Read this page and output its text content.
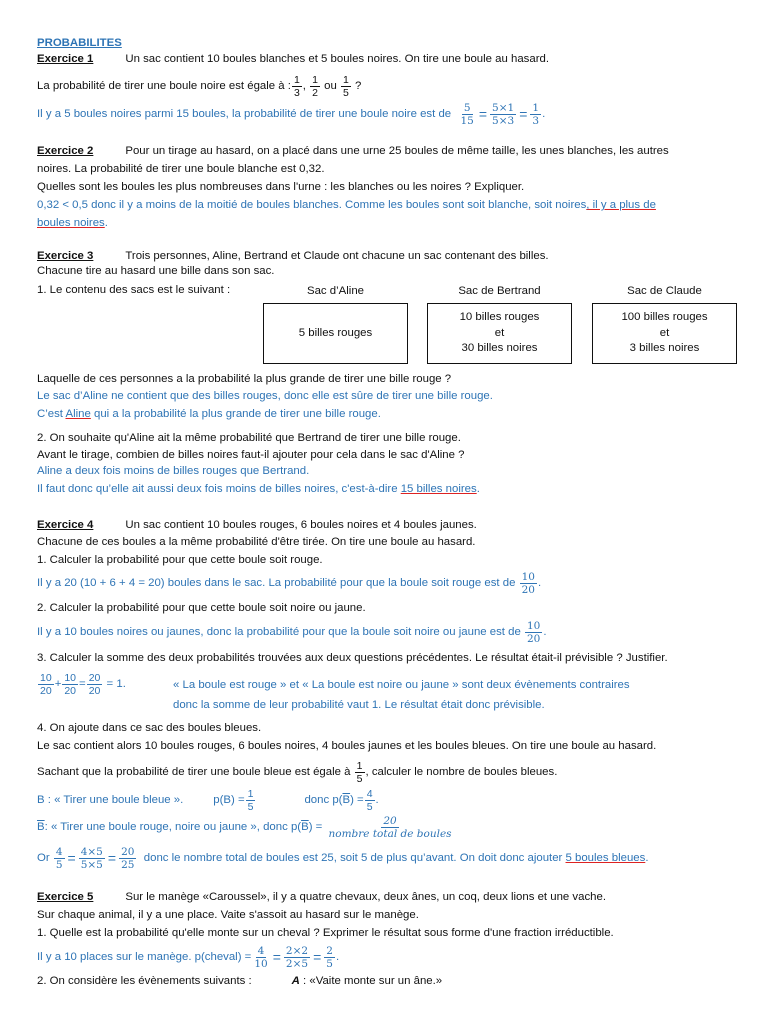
PROBABILITES
Exercice 1	Un sac contient 10 boules blanches et 5 boules noires. On tire une boule au hasard.
La probabilité de tirer une boule noire est égale à : $\frac{1}{3}$ ,
$\frac{1}{2}$
ou
$\frac{1}{5}$
?
Il y a 5 boules noires parmi 15 boules, la probabilité de tirer une boule noire est de
$\frac{5}{15} = \frac{5\times 1}{5\times 3} = \frac{1}{3}$ .
Exercice 2	Pour un tirage au hasard, on a placé dans une urne 25 boules de même taille, les unes blanches, les autres
noires. La probabilité de tirer une boule blanche est 0,32.
Quelles sont les boules les plus nombreuses dans l'urne : les blanches ou les noires ? Expliquer.
0,32 < 0,5 donc il y a moins de la moitié de boules blanches. Comme les boules sont soit blanche, soit noires, il y a plus de
boules noires.
Exercice 3	Trois personnes, Aline, Bertrand et Claude ont chacune un sac contenant des billes.
Chacune tire au hasard une bille dans son sac.
1. Le contenu des sacs est le suivant :	Sac d’Aline	Sac de Bertrand	Sac de Claude
5 billes rouges
10 billes rouges
et
30 billes noires
100 billes rouges
et
3 billes noires
Laquelle de ces personnes a la probabilité la plus grande de tirer une bille rouge ?
Le sac d’Aline ne contient que des billes rouges, donc elle est sûre de tirer une bille rouge.
C’est Aline qui a la probabilité la plus grande de tirer une bille rouge.
2. On souhaite qu'Aline ait la même probabilité que Bertrand de tirer une bille rouge.
Avant le tirage, combien de billes noires faut-il ajouter pour cela dans le sac d'Aline ?
Aline a deux fois moins de billes rouges que Bertrand.
Il faut donc qu’elle ait aussi deux fois moins de billes noires, c'est-à-dire 15 billes noires.
Exercice 4	Un sac contient 10 boules rouges, 6 boules noires et 4 boules jaunes.
Chacune de ces boules a la même probabilité d'être tirée. On tire une boule au hasard.
1. Calculer la probabilité pour que cette boule soit rouge.
Il y a 20 (10 + 6 + 4 = 20) boules dans le sac. La probabilité pour que la boule soit rouge est de
$\frac{10}{20}$ .
2. Calculer la probabilité pour que cette boule soit noire ou jaune.
Il y a 10 boules noires ou jaunes, donc la probabilité pour que la boule soit noire ou jaune est de
$\frac{10}{20}$ .
3. Calculer la somme des deux probabilités trouvées aux deux questions précédentes. Le résultat était-il prévisible ? Justifier.
$\frac{10}{20} + \frac{10}{20} = \frac{20}{20}$
= 1.	« La boule est rouge » et « La boule est noire ou jaune » sont deux évènements contraires
donc la somme de leur probabilité vaut 1. Le résultat était donc prévisible.
4. On ajoute dans ce sac des boules bleues.
Le sac contient alors 10 boules rouges, 6 boules noires, 4 boules jaunes et les boules bleues. On tire une boule au hasard.
Sachant que la probabilité de tirer une boule bleue est égale à
$\frac{1}{5}$ , calculer le nombre de boules bleues.
B : « Tirer une boule bleue ».	$p(B) = \frac{1}{5}$	donc p( $\overline{B}$ ) = $\frac{4}{5}$ .
$\overline{B}$ : « Tirer une boule rouge, noire ou jaune », donc p( $\overline{B}$ ) =
$\frac{20}{\text{nombre total de boules}}$
Or
$\frac{4}{5} = \frac{4\times 5}{5\times 5} = \frac{20}{25}$
donc le nombre total de boules est 25, soit 5 de plus qu’avant. On doit donc ajouter
5 boules bleues .
Exercice 5	Sur le manège «Caroussel», il y a quatre chevaux, deux ânes, un coq, deux lions et une vache.
Sur chaque animal, il y a une place. Vaite s'assoit au hasard sur le manège.
1. Quelle est la probabilité qu'elle monte sur un cheval ? Exprimer le résultat sous forme d'une fraction irréductible.
Il y a 10 places sur le manège. p(cheval) = $\frac{4}{10} = \frac{2\times 2}{2\times 5} = \frac{2}{5}$ .
2. On considère les évènements suivants :	A : «Vaite monte sur un âne.»
